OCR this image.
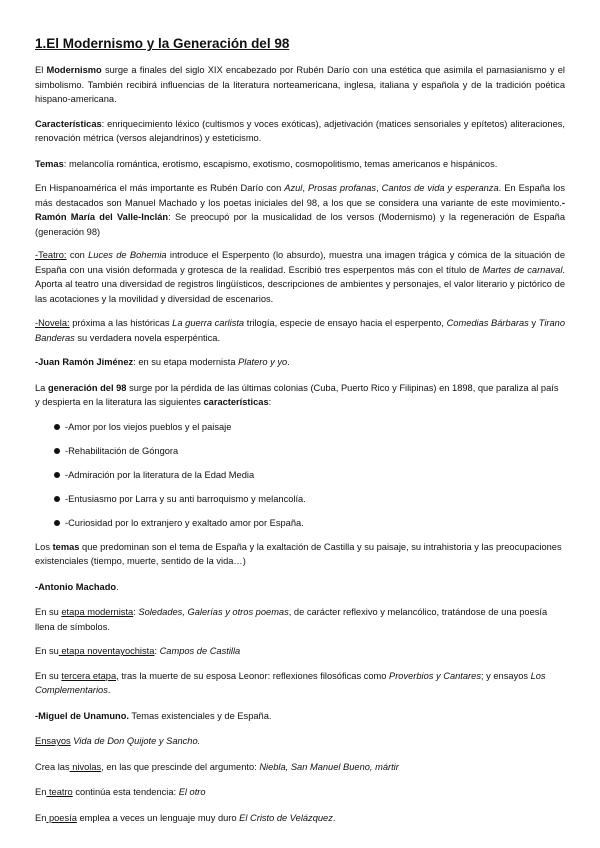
1.El Modernismo y la Generación del 98

El Modernismo surge a finales del siglo XIX encabezado por Rubén Darío con una estética que asimila el parnasianismo y el simbolismo. También recibirá influencias de la literatura norteamericana, inglesa, italiana y española y de la tradición poética hispano-americana.

Características: enriquecimiento léxico (cultismos y voces exóticas), adjetivación (matices sensoriales y epítetos) aliteraciones, renovación métrica (versos alejandrinos) y esteticismo.

Temas: melancolía romántica, erotismo, escapismo, exotismo, cosmopolitismo, temas americanos e hispánicos.

En Hispanoamérica el más importante es Rubén Darío con Azul, Prosas profanas, Cantos de vida y esperanza. En España los más destacados son Manuel Machado y los poetas iniciales del 98, a los que se considera una variante de este movimiento.-Ramón María del Valle-Inclán: Se preocupó por la musicalidad de los versos (Modernismo) y la regeneración de España (generación 98)

-Teatro: con Luces de Bohemia introduce el Esperpento (lo absurdo), muestra una imagen trágica y cómica de la situación de España con una visión deformada y grotesca de la realidad. Escribió tres esperpentos más con el título de Martes de carnaval. Aporta al teatro una diversidad de registros lingüísticos, descripciones de ambientes y personajes, el valor literario y pictórico de las acotaciones y la movilidad y diversidad de escenarios.

-Novela: próxima a las históricas La guerra carlista trilogía, especie de ensayo hacia el esperpento, Comedias Bárbaras y Tirano Banderas su verdadera novela esperpéntica.

-Juan Ramón Jiménez: en su etapa modernista Platero y yo.

La generación del 98 surge por la pérdida de las últimas colonias (Cuba, Puerto Rico y Filipinas) en 1898, que paraliza al país y despierta en la literatura las siguientes características:

-Amor por los viejos pueblos y el paisaje
-Rehabilitación de Góngora
-Admiración por la literatura de la Edad Media
-Entusiasmo por Larra y su anti barroquismo y melancolía.
-Curiosidad por lo extranjero y exaltado amor por España.

Los temas que predominan son el tema de España y la exaltación de Castilla y su paisaje, su intrahistoria y las preocupaciones existenciales (tiempo, muerte, sentido de la vida…)

-Antonio Machado.

En su etapa modernista: Soledades, Galerías y otros poemas, de carácter reflexivo y melancólico, tratándose de una poesía llena de símbolos.

En su etapa noventayochista: Campos de Castilla

En su tercera etapa, tras la muerte de su esposa Leonor: reflexiones filosóficas como Proverbios y Cantares; y ensayos Los Complementarios.

-Miguel de Unamuno. Temas existenciales y de España.

Ensayos Vida de Don Quijote y Sancho.

Crea las nivolas, en las que prescinde del argumento: Niebla, San Manuel Bueno, mártir

En teatro continúa esta tendencia: El otro

En poesía emplea a veces un lenguaje muy duro El Cristo de Velázquez.
